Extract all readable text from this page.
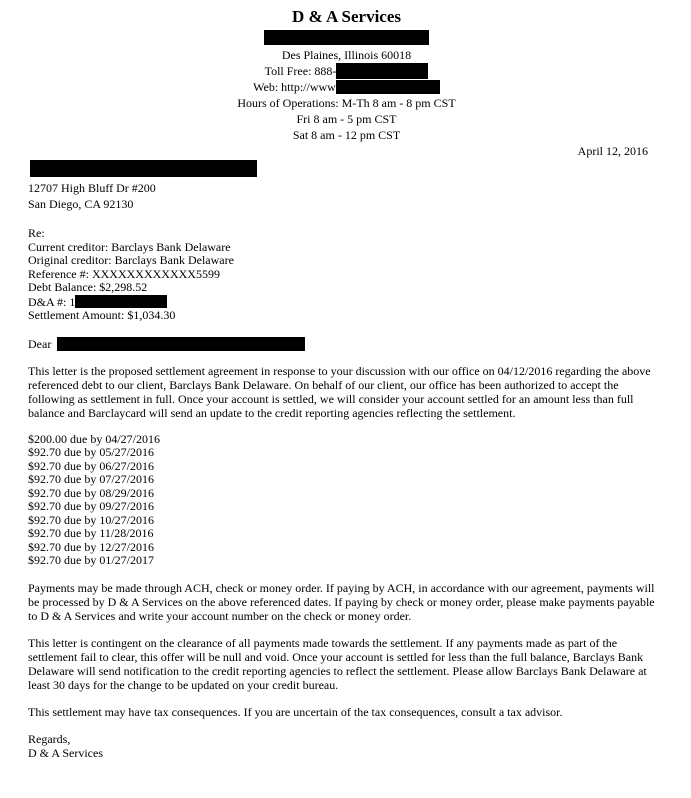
D & A Services
Des Plaines, Illinois 60018
Toll Free: 888-
Web: http://www
Hours of Operations: M-Th 8 am - 8 pm CST
Fri 8 am - 5 pm CST
Sat 8 am - 12 pm CST
April 12, 2016
12707 High Bluff Dr #200
San Diego, CA 92130
Re:
Current creditor: Barclays Bank Delaware
Original creditor: Barclays Bank Delaware
Reference #: XXXXXXXXXXXX5599
Debt Balance: $2,298.52
D&A #: 1
Settlement Amount: $1,034.30
Dear
This letter is the proposed settlement agreement in response to your discussion with our office on 04/12/2016 regarding the above referenced debt to our client, Barclays Bank Delaware. On behalf of our client, our office has been authorized to accept the following as settlement in full. Once your account is settled, we will consider your account settled for an amount less than full balance and Barclaycard will send an update to the credit reporting agencies reflecting the settlement.
$200.00 due by 04/27/2016
$92.70 due by 05/27/2016
$92.70 due by 06/27/2016
$92.70 due by 07/27/2016
$92.70 due by 08/29/2016
$92.70 due by 09/27/2016
$92.70 due by 10/27/2016
$92.70 due by 11/28/2016
$92.70 due by 12/27/2016
$92.70 due by 01/27/2017
Payments may be made through ACH, check or money order. If paying by ACH, in accordance with our agreement, payments will be processed by D & A Services on the above referenced dates. If paying by check or money order, please make payments payable to D & A Services and write your account number on the check or money order.
This letter is contingent on the clearance of all payments made towards the settlement. If any payments made as part of the settlement fail to clear, this offer will be null and void. Once your account is settled for less than the full balance, Barclays Bank Delaware will send notification to the credit reporting agencies to reflect the settlement. Please allow Barclays Bank Delaware at least 30 days for the change to be updated on your credit bureau.
This settlement may have tax consequences. If you are uncertain of the tax consequences, consult a tax advisor.
Regards,
D & A Services
